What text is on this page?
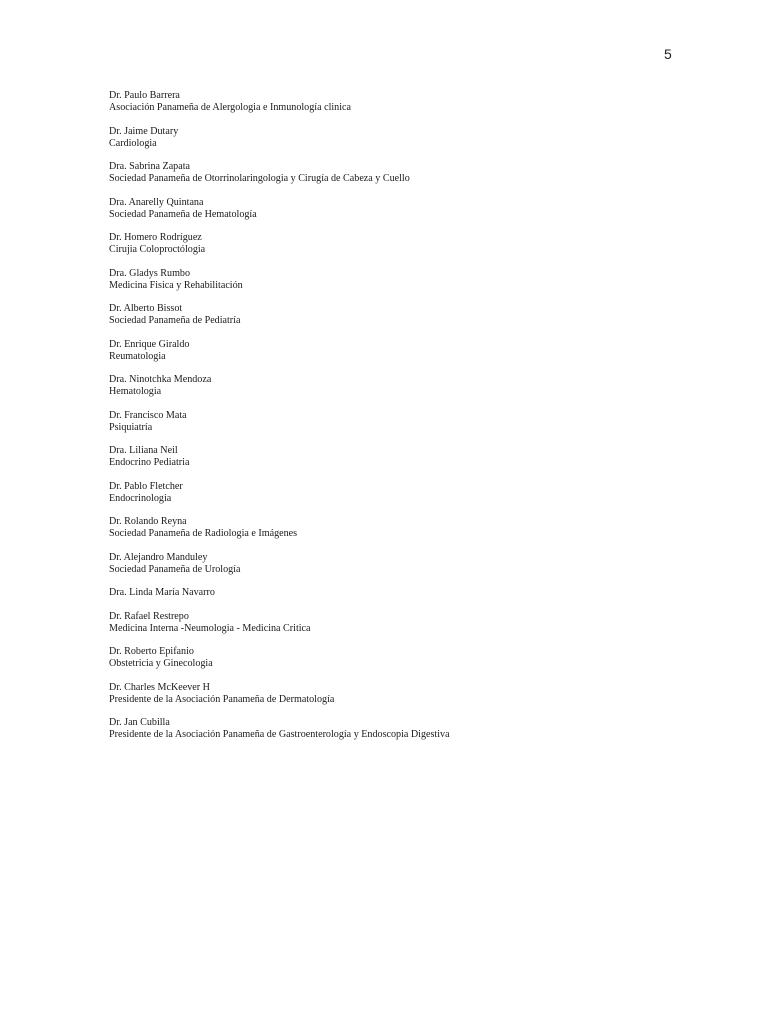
5
Dr. Paulo Barrera
Asociación Panameña de Alergologia e Inmunología clinica
Dr. Jaime Dutary
Cardiologia
Dra. Sabrina Zapata
Sociedad Panameña de Otorrinolaringologia y Cirugía de Cabeza y Cuello
Dra. Anarelly Quintana
Sociedad Panameña de Hematología
Dr. Homero Rodríguez
Cirujia Coloproctólogia
Dra. Gladys Rumbo
Medicina Fisica y Rehabilitación
Dr. Alberto Bissot
Sociedad Panameña de Pediatría
Dr. Enrique Giraldo
Reumatologia
Dra. Ninotchka Mendoza
Hematologia
Dr. Francisco Mata
Psiquiatría
Dra. Liliana Neil
Endocrino Pediatria
Dr. Pablo Fletcher
Endocrinologia
Dr. Rolando Reyna
Sociedad Panameña de Radiologia e Imágenes
Dr. Alejandro Manduley
Sociedad Panameña de Urología
Dra. Linda María Navarro
Dr. Rafael Restrepo
Medicina Interna -Neumologia - Medicina Critica
Dr. Roberto Epifanio
Obstetricia y Ginecologia
Dr. Charles McKeever H
Presidente de la Asociación Panameña de Dermatología
Dr. Jan Cubilla
Presidente de la Asociación Panameña de Gastroenterología y Endoscopia Digestiva
